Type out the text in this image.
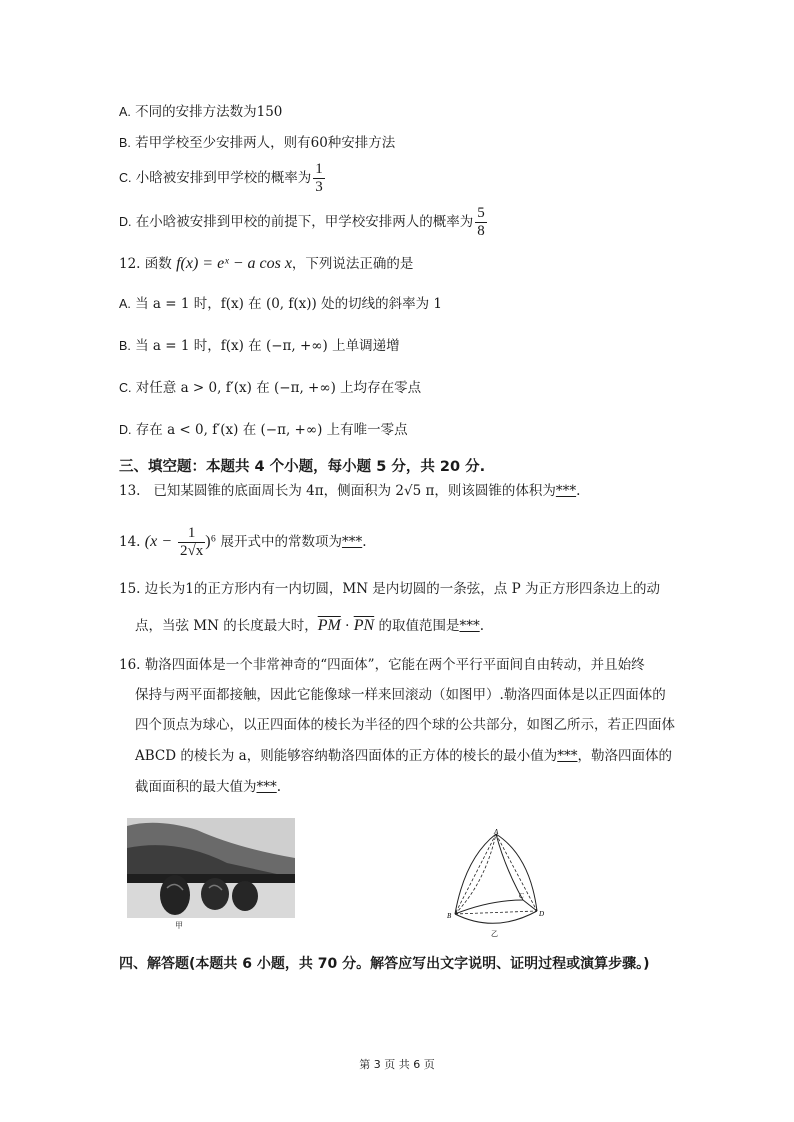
A. 不同的安排方法数为150
B. 若甲学校至少安排两人，则有60种安排方法
C. 小晗被安排到甲学校的概率为 $\frac{1}{3}$
D. 在小晗被安排到甲校的前提下，甲学校安排两人的概率为 $\frac{5}{8}$
12. 函数 f(x) = eˣ − a cos x，下列说法正确的是
A. 当 a = 1 时，f(x) 在 (0, f(x)) 处的切线的斜率为 1
B. 当 a = 1 时，f(x) 在 (−π, +∞) 上单调递增
C. 对任意 a > 0, f′(x) 在 (−π, +∞) 上均存在零点
D. 存在 a < 0, f′(x) 在 (−π, +∞) 上有唯一零点
三、填空题：本题共 4 个小题，每小题 5 分，共 20 分.
13. 已知某圆锥的底面周长为 4π，侧面积为 2√5 π，则该圆锥的体积为***.
14. $(x - \frac{1}{2√x} )^6$ 展开式中的常数项为***.
15. 边长为1的正方形内有一内切圆，MN 是内切圆的一条弦，点 P 为正方形四条边上的动
点，当弦 MN 的长度最大时，$\overline{PM} \cdot \overline{PN}$ 的取值范围是***.
16. 勒洛四面体是一个非常神奇的“四面体”，它能在两个平行平面间自由转动，并且始终
保持与两平面都接触，因此它能像球一样来回滚动（如图甲）.勒洛四面体是以正四面体的
四个顶点为球心，以正四面体的棱长为半径的四个球的公共部分，如图乙所示，若正四面体
ABCD 的棱长为 a，则能够容纳勒洛四面体的正方体的棱长的最小值为***，勒洛四面体的
截面面积的最大值为***.
甲
A
B
C
D
乙
四、解答题(本题共 6 小题，共 70 分。解答应写出文字说明、证明过程或演算步骤。)
第 3 页 共 6 页
